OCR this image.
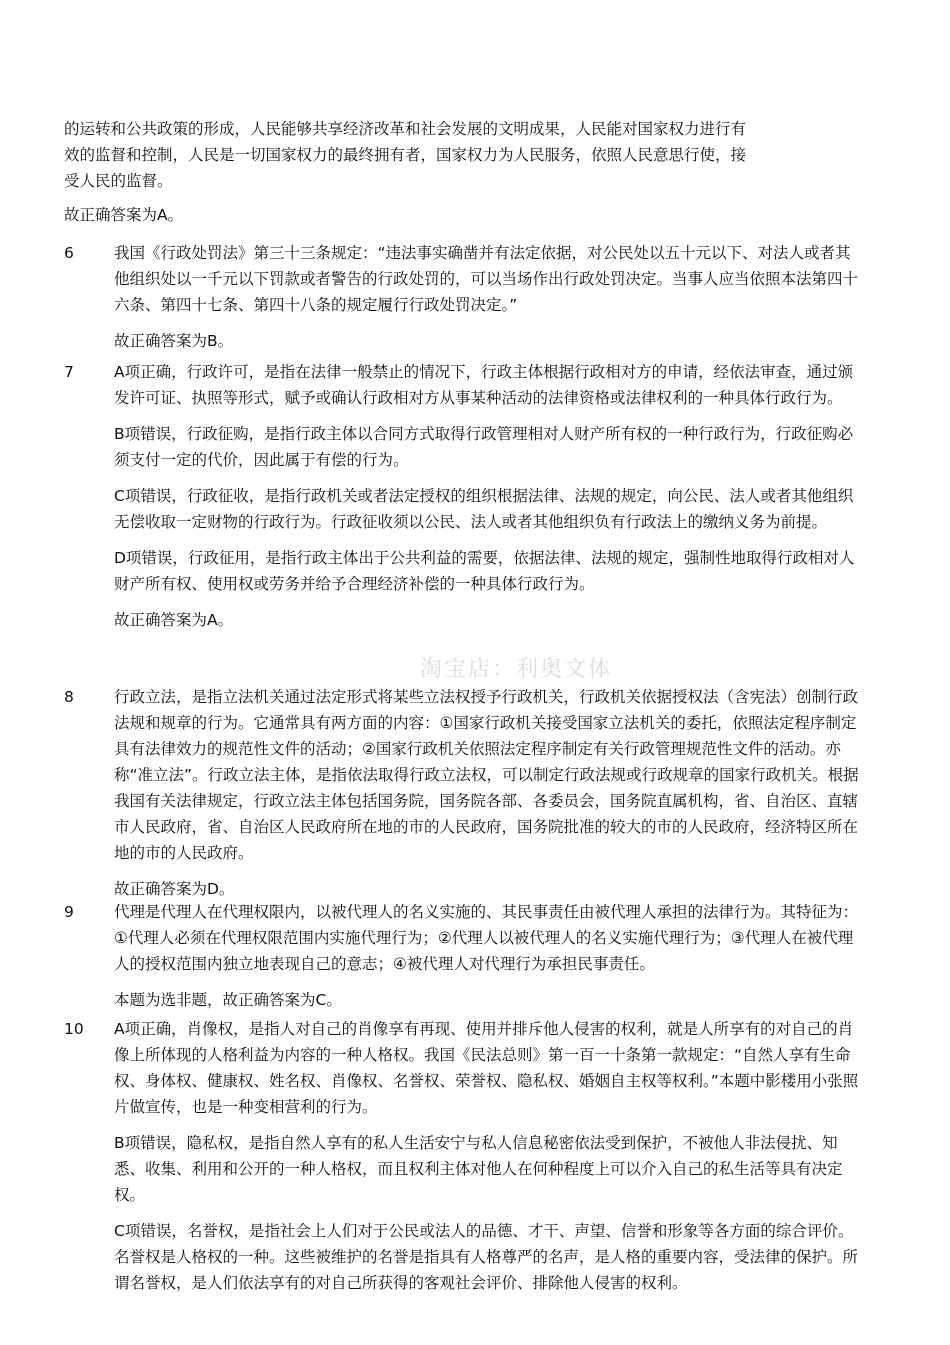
的运转和公共政策的形成，人民能够共享经济改革和社会发展的文明成果，人民能对国家权力进行有

效的监督和控制，人民是一切国家权力的最终拥有者，国家权力为人民服务，依照人民意思行使，接

受人民的监督。

故正确答案为A。
6	我国《行政处罚法》第三十三条规定：“违法事实确凿并有法定依据，对公民处以五十元以下、对法人或者其他组织处以一千元以下罚款或者警告的行政处罚的，可以当场作出行政处罚决定。当事人应当依照本法第四十六条、第四十七条、第四十八条的规定履行行政处罚决定。”

故正确答案为B。

7	A项正确，行政许可，是指在法律一般禁止的情况下，行政主体根据行政相对方的申请，经依法审查，通过颁发许可证、执照等形式，赋予或确认行政相对方从事某种活动的法律资格或法律权利的一种具体行政行为。

B项错误，行政征购，是指行政主体以合同方式取得行政管理相对人财产所有权的一种行政行为，行政征购必须支付一定的代价，因此属于有偿的行为。

C项错误，行政征收，是指行政机关或者法定授权的组织根据法律、法规的规定，向公民、法人或者其他组织无偿收取一定财物的行政行为。行政征收须以公民、法人或者其他组织负有行政法上的缴纳义务为前提。

D项错误，行政征用，是指行政主体出于公共利益的需要，依据法律、法规的规定，强制性地取得行政相对人财产所有权、使用权或劳务并给予合理经济补偿的一种具体行政行为。

故正确答案为A。

淘宝店：利奥文体
8	行政立法，是指立法机关通过法定形式将某些立法权授予行政机关，行政机关依据授权法（含宪法）创制行政法规和规章的行为。它通常具有两方面的内容：①国家行政机关接受国家立法机关的委托，依照法定程序制定具有法律效力的规范性文件的活动；②国家行政机关依照法定程序制定有关行政管理规范性文件的活动。亦称“准立法”。行政立法主体，是指依法取得行政立法权，可以制定行政法规或行政规章的国家行政机关。根据我国有关法律规定，行政立法主体包括国务院，国务院各部、各委员会，国务院直属机构，省、自治区、直辖市人民政府，省、自治区人民政府所在地的市的人民政府，国务院批准的较大的市的人民政府，经济特区所在地的市的人民政府。

故正确答案为D。

9	代理是代理人在代理权限内，以被代理人的名义实施的、其民事责任由被代理人承担的法律行为。其特征为：①代理人必须在代理权限范围内实施代理行为；②代理人以被代理人的名义实施代理行为；③代理人在被代理人的授权范围内独立地表现自己的意志；④被代理人对代理行为承担民事责任。

本题为选非题，故正确答案为C。

10	A项正确，肖像权，是指人对自己的肖像享有再现、使用并排斥他人侵害的权利，就是人所享有的对自己的肖像上所体现的人格利益为内容的一种人格权。我国《民法总则》第一百一十条第一款规定：“自然人享有生命权、身体权、健康权、姓名权、肖像权、名誉权、荣誉权、隐私权、婚姻自主权等权利。”本题中影楼用小张照片做宣传，也是一种变相营利的行为。

B项错误，隐私权，是指自然人享有的私人生活安宁与私人信息秘密依法受到保护，不被他人非法侵扰、知悉、收集、利用和公开的一种人格权，而且权利主体对他人在何种程度上可以介入自己的私生活等具有决定权。

C项错误，名誉权，是指社会上人们对于公民或法人的品德、才干、声望、信誉和形象等各方面的综合评价。名誉权是人格权的一种。这些被维护的名誉是指具有人格尊严的名声，是人格的重要内容，受法律的保护。所谓名誉权，是人们依法享有的对自己所获得的客观社会评价、排除他人侵害的权利。
